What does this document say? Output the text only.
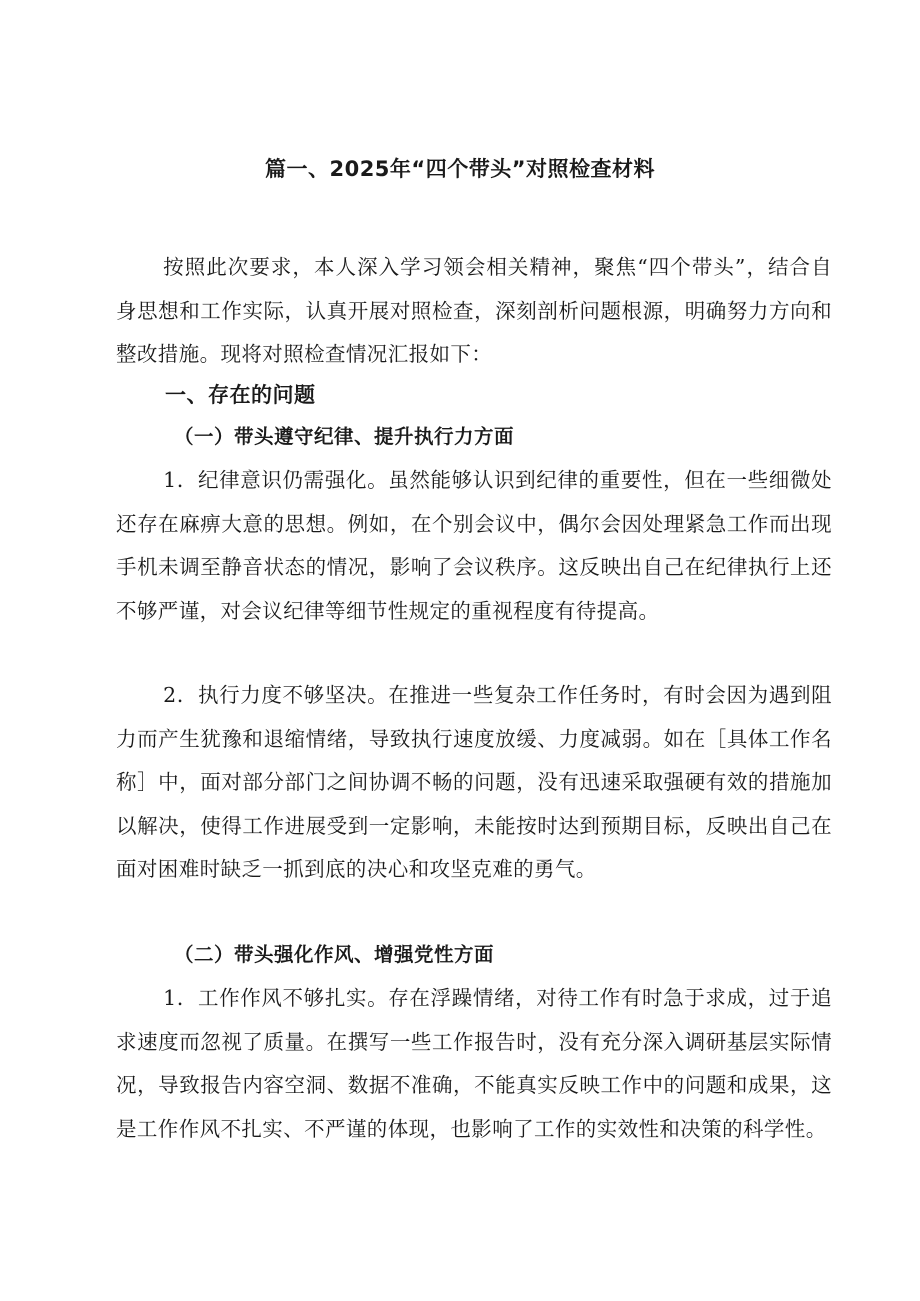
篇一、2025年“四个带头”对照检查材料

按照此次要求，本人深入学习领会相关精神，聚焦“四个带头”，结合自身思想和工作实际，认真开展对照检查，深刻剖析问题根源，明确努力方向和整改措施。现将对照检查情况汇报如下：

一、存在的问题
（一）带头遵守纪律、提升执行力方面

1．纪律意识仍需强化。虽然能够认识到纪律的重要性，但在一些细微处还存在麻痹大意的思想。例如，在个别会议中，偶尔会因处理紧急工作而出现手机未调至静音状态的情况，影响了会议秩序。这反映出自己在纪律执行上还不够严谨，对会议纪律等细节性规定的重视程度有待提高。

2．执行力度不够坚决。在推进一些复杂工作任务时，有时会因为遇到阻力而产生犹豫和退缩情绪，导致执行速度放缓、力度减弱。如在［具体工作名称］中，面对部分部门之间协调不畅的问题，没有迅速采取强硬有效的措施加以解决，使得工作进展受到一定影响，未能按时达到预期目标，反映出自己在面对困难时缺乏一抓到底的决心和攻坚克难的勇气。

（二）带头强化作风、增强党性方面

1．工作作风不够扎实。存在浮躁情绪，对待工作有时急于求成，过于追求速度而忽视了质量。在撰写一些工作报告时，没有充分深入调研基层实际情况，导致报告内容空洞、数据不准确，不能真实反映工作中的问题和成果，这是工作作风不扎实、不严谨的体现，也影响了工作的实效性和决策的科学性。
